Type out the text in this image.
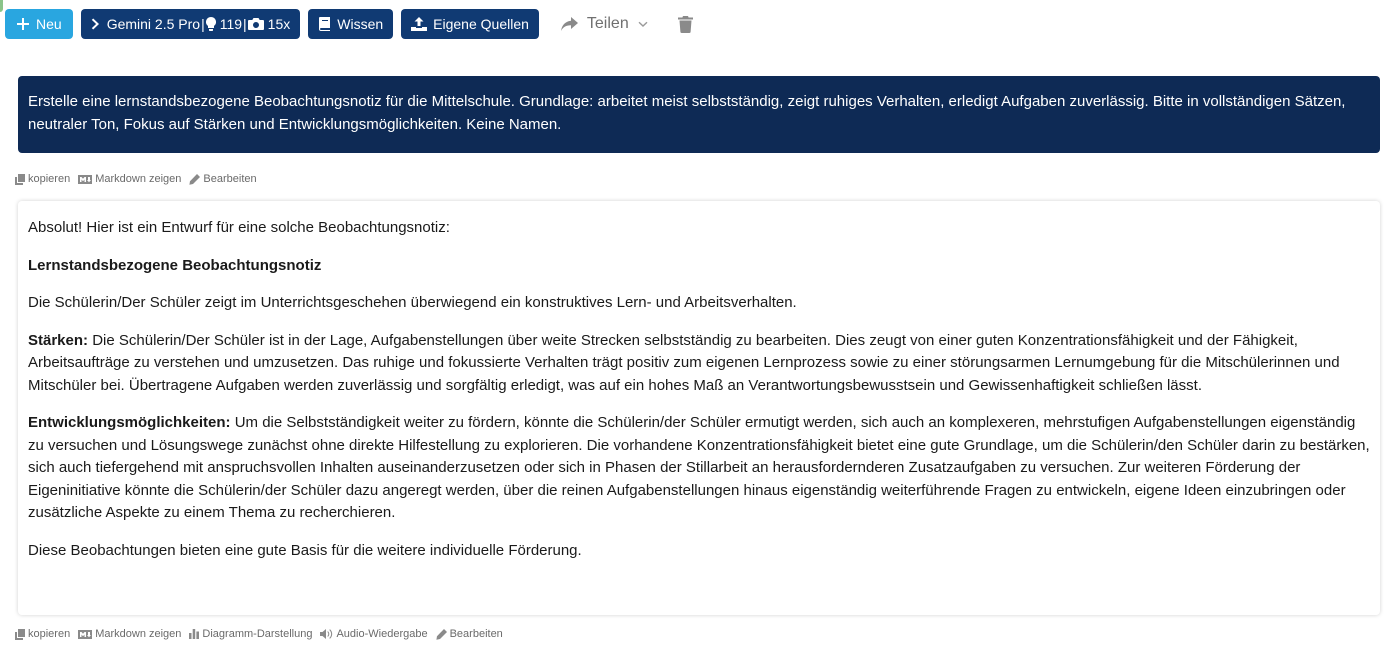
Neu	Gemini 2.5 Pro | 119 | 15x	Wissen	Eigene Quellen	Teilen
Erstelle eine lernstandsbezogene Beobachtungsnotiz für die Mittelschule. Grundlage: arbeitet meist selbstständig, zeigt ruhiges Verhalten, erledigt Aufgaben zuverlässig. Bitte in vollständigen Sätzen, neutraler Ton, Fokus auf Stärken und Entwicklungsmöglichkeiten. Keine Namen.
kopieren Markdown zeigen Bearbeiten

Absolut! Hier ist ein Entwurf für eine solche Beobachtungsnotiz:

Lernstandsbezogene Beobachtungsnotiz

Die Schülerin/Der Schüler zeigt im Unterrichtsgeschehen überwiegend ein konstruktives Lern- und Arbeitsverhalten.

Stärken: Die Schülerin/Der Schüler ist in der Lage, Aufgabenstellungen über weite Strecken selbstständig zu bearbeiten. Dies zeugt von einer guten Konzentrationsfähigkeit und der Fähigkeit, Arbeitsaufträge zu verstehen und umzusetzen. Das ruhige und fokussierte Verhalten trägt positiv zum eigenen Lernprozess sowie zu einer störungsarmen Lernumgebung für die Mitschülerinnen und Mitschüler bei. Übertragene Aufgaben werden zuverlässig und sorgfältig erledigt, was auf ein hohes Maß an Verantwortungsbewusstsein und Gewissenhaftigkeit schließen lässt.

Entwicklungsmöglichkeiten: Um die Selbstständigkeit weiter zu fördern, könnte die Schülerin/der Schüler ermutigt werden, sich auch an komplexeren, mehrstufigen Aufgabenstellungen eigenständig zu versuchen und Lösungswege zunächst ohne direkte Hilfestellung zu explorieren. Die vorhandene Konzentrationsfähigkeit bietet eine gute Grundlage, um die Schülerin/den Schüler darin zu bestärken, sich auch tiefergehend mit anspruchsvollen Inhalten auseinanderzusetzen oder sich in Phasen der Stillarbeit an herausfordernderen Zusatzaufgaben zu versuchen. Zur weiteren Förderung der Eigeninitiative könnte die Schülerin/der Schüler dazu angeregt werden, über die reinen Aufgabenstellungen hinaus eigenständig weiterführende Fragen zu entwickeln, eigene Ideen einzubringen oder zusätzliche Aspekte zu einem Thema zu recherchieren.

Diese Beobachtungen bieten eine gute Basis für die weitere individuelle Förderung.

kopieren Markdown zeigen Diagramm-Darstellung Audio-Wiedergabe Bearbeiten
